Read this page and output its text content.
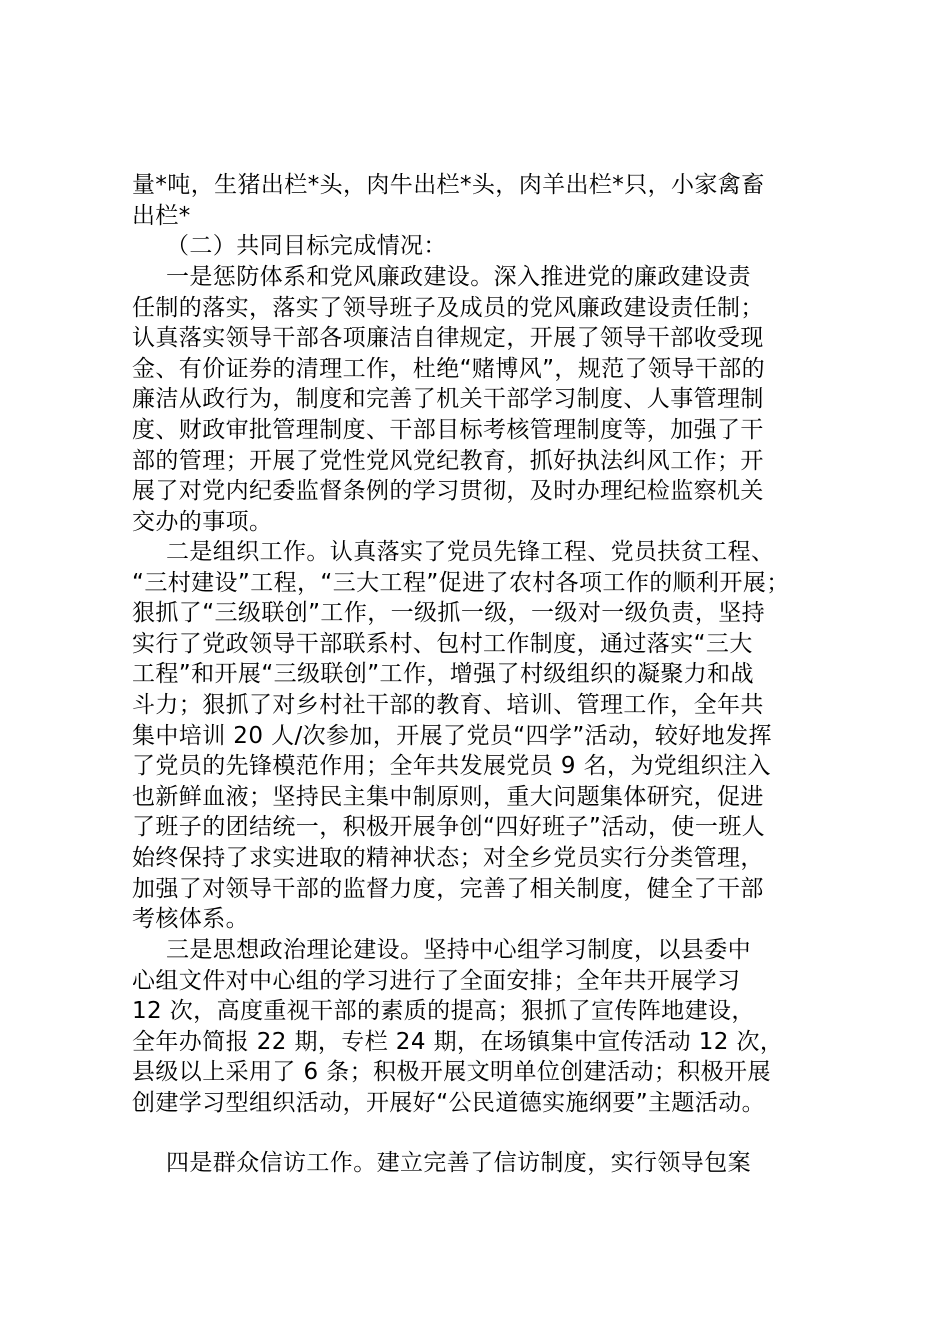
量*吨，生猪出栏*头，肉牛出栏*头，肉羊出栏*只，小家禽畜
出栏*
（二）共同目标完成情况：
一是惩防体系和党风廉政建设。深入推进党的廉政建设责
任制的落实，落实了领导班子及成员的党风廉政建设责任制；
认真落实领导干部各项廉洁自律规定，开展了领导干部收受现
金、有价证券的清理工作，杜绝“赌博风”，规范了领导干部的
廉洁从政行为，制度和完善了机关干部学习制度、人事管理制
度、财政审批管理制度、干部目标考核管理制度等，加强了干
部的管理；开展了党性党风党纪教育，抓好执法纠风工作；开
展了对党内纪委监督条例的学习贯彻，及时办理纪检监察机关
交办的事项。
二是组织工作。认真落实了党员先锋工程、党员扶贫工程、
“三村建设”工程，“三大工程”促进了农村各项工作的顺利开展；
狠抓了“三级联创”工作，一级抓一级，一级对一级负责，坚持
实行了党政领导干部联系村、包村工作制度，通过落实“三大
工程”和开展“三级联创”工作，增强了村级组织的凝聚力和战
斗力；狠抓了对乡村社干部的教育、培训、管理工作，全年共
集中培训 20 人/次参加，开展了党员“四学”活动，较好地发挥
了党员的先锋模范作用；全年共发展党员 9 名，为党组织注入
也新鲜血液；坚持民主集中制原则，重大问题集体研究，促进
了班子的团结统一，积极开展争创“四好班子”活动，使一班人
始终保持了求实进取的精神状态；对全乡党员实行分类管理，
加强了对领导干部的监督力度，完善了相关制度，健全了干部
考核体系。
三是思想政治理论建设。坚持中心组学习制度，以县委中
心组文件对中心组的学习进行了全面安排；全年共开展学习
12 次，高度重视干部的素质的提高；狠抓了宣传阵地建设，
全年办简报 22 期，专栏 24 期，在场镇集中宣传活动 12 次，
县级以上采用了 6 条；积极开展文明单位创建活动；积极开展
创建学习型组织活动，开展好“公民道德实施纲要”主题活动。
四是群众信访工作。建立完善了信访制度，实行领导包案
